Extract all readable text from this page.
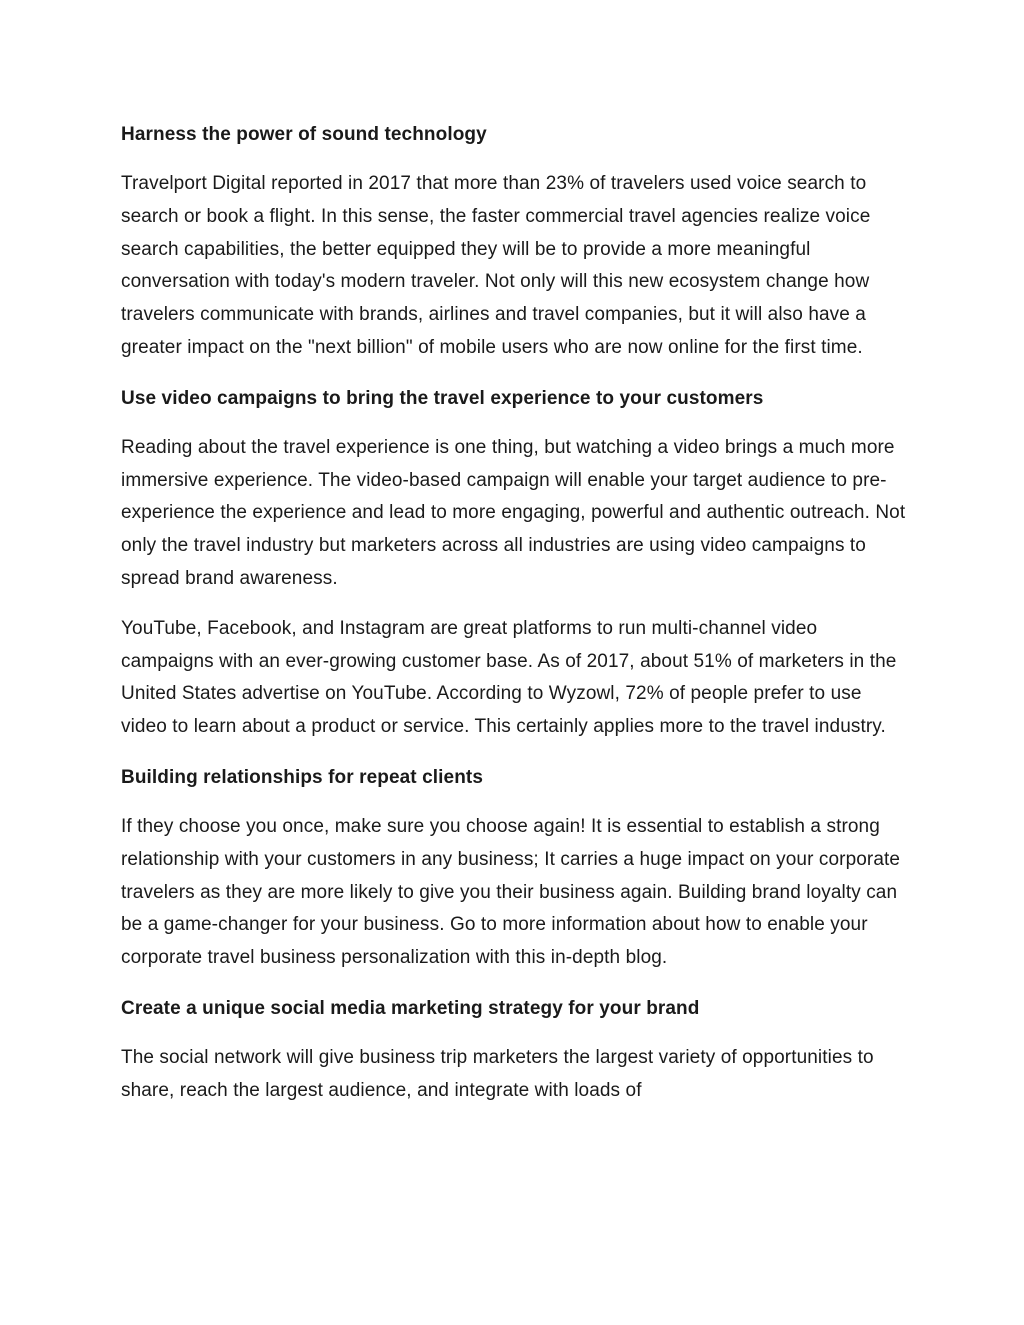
Harness the power of sound technology

Travelport Digital reported in 2017 that more than 23% of travelers used voice search to search or book a flight. In this sense, the faster commercial travel agencies realize voice search capabilities, the better equipped they will be to provide a more meaningful conversation with today's modern traveler. Not only will this new ecosystem change how travelers communicate with brands, airlines and travel companies, but it will also have a greater impact on the "next billion" of mobile users who are now online for the first time.

Use video campaigns to bring the travel experience to your customers

Reading about the travel experience is one thing, but watching a video brings a much more immersive experience. The video-based campaign will enable your target audience to pre-experience the experience and lead to more engaging, powerful and authentic outreach. Not only the travel industry but marketers across all industries are using video campaigns to spread brand awareness.

YouTube, Facebook, and Instagram are great platforms to run multi-channel video campaigns with an ever-growing customer base. As of 2017, about 51% of marketers in the United States advertise on YouTube. According to Wyzowl, 72% of people prefer to use video to learn about a product or service. This certainly applies more to the travel industry.

Building relationships for repeat clients

If they choose you once, make sure you choose again! It is essential to establish a strong relationship with your customers in any business; It carries a huge impact on your corporate travelers as they are more likely to give you their business again. Building brand loyalty can be a game-changer for your business. Go to more information about how to enable your corporate travel business personalization with this in-depth blog.

Create a unique social media marketing strategy for your brand

The social network will give business trip marketers the largest variety of opportunities to share, reach the largest audience, and integrate with loads of
